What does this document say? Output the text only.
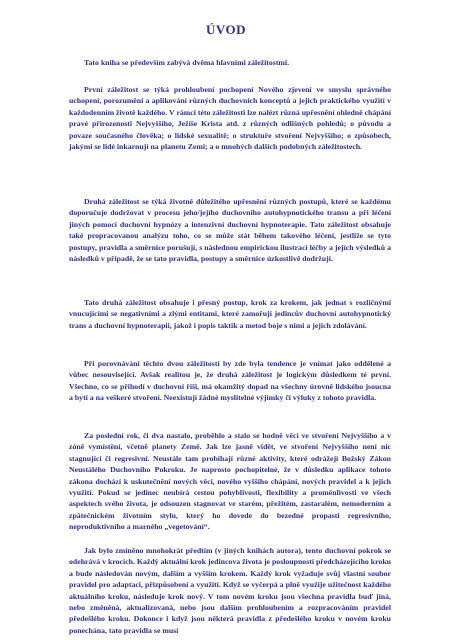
ÚVOD

Tato kniha se především zabývá dvěma hlavními záležitostmi.

První záležitost se týká prohloubení pochopení Nového zjevení ve smyslu správného uchopení, porozumění a aplikování různých duchovních konceptů a jejich praktického využití v každodenním životě každého. V rámci této záležitosti lze nalézt různá upřesnění ohledně chápání pravé přirozenosti Nejvyššího, Ježíše Krista atd. z různých odlišných pohledů; o původu a povaze současného člověka; o lidské sexualitě; o struktuře stvoření Nejvyššího; o způsobech, jakými se lidé inkarnují na planetu Zemi; a o mnohých dalších podobných záležitostech.

Druhá záležitost se týká životně důležitého upřesnění různých postupů, které se každému doporučuje dodržovat v procesu jeho/jejího duchovního autohypnotického transu a při léčení jiných pomocí duchovní hypnózy a intenzivní duchovní hypnoterapie. Tato záležitost obsahuje také propracovanou analýzu toho, co se může stát během takového léčení, jestliže se tyto postupy, pravidla a směrnice porušují, s následnou empirickou ilustrací léčby a jejích výsledků a následků v případě, že se tato pravidla, postupy a směrnice úzkostlivě dodržují.

Tato druhá záležitost obsahuje i přesný postup, krok za krokem, jak jednat s rozličnými vnucujícími se negativními a zlými entitami, které zamořují jedincův duchovní autohypnotický trans a duchovní hypnoterapii, jakož i popis taktik a metod boje s nimi a jejich zdolávání.

Při porovnávání těchto dvou záležitostí by zde byla tendence je vnímat jako oddělené a vůbec nesouvisející. Avšak realitou je, že druhá záležitost je logickým důsledkem té první. Všechno, co se přihodí v duchovní říši, má okamžitý dopad na všechny úrovně lidského jsoucna a bytí a na veškeré stvoření. Neexistují žádné myslitelné výjimky či výluky z tohoto pravidla.

Za poslední rok, či dva nastalo, proběhlo a stalo se hodně věcí ve stvoření Nejvyššího a v zóně vymístění, včetně planety Země. Jak lze jasně vidět, ve stvoření Nejvyššího není nic stagnující či regresivní. Neustále tam probíhají různé aktivity, které odrážejí Božský Zákon Neustálého Duchovního Pokroku. Je naprosto pochopitelné, že v důsledku aplikace tohoto zákona dochází k uskutečnění nových věcí, nového vyššího chápání, nových pravidel a k jejich využití. Pokud se jedinec neubírá cestou pohyblivosti, flexibility a proměnlivosti ve všech aspektech svého života, je odsouzen stagnovat ve starém, přežitém, zastaralém, nemoderním a zpátečnickém životním stylu, který ho dovede do bezedné propasti regresivního, neproduktivního a marného „vegetování“.

Jak bylo zmíněno mnohokrát předtím (v jiných knihách autora), tento duchovní pokrok se odehrává v krocích. Každý aktuální krok jedincova života je posloupností předcházejícího kroku a bude následován novým, dalším a vyšším krokem. Každý krok vyžaduje svůj vlastní soubor pravidel pro adaptaci, přizpůsobení a využití. Když se vyčerpá a plně využije užitečnost každého aktuálního kroku, následuje krok nový. V tom novém kroku jsou všechna pravidla buď jiná, nebo změněná, aktualizovaná, nebo jsou dalším prohloubením a rozpracováním pravidel předešlého kroku. Dokonce i když jsou některá pravidla z předešlého kroku v novém kroku ponechána, tato pravidla se musí
